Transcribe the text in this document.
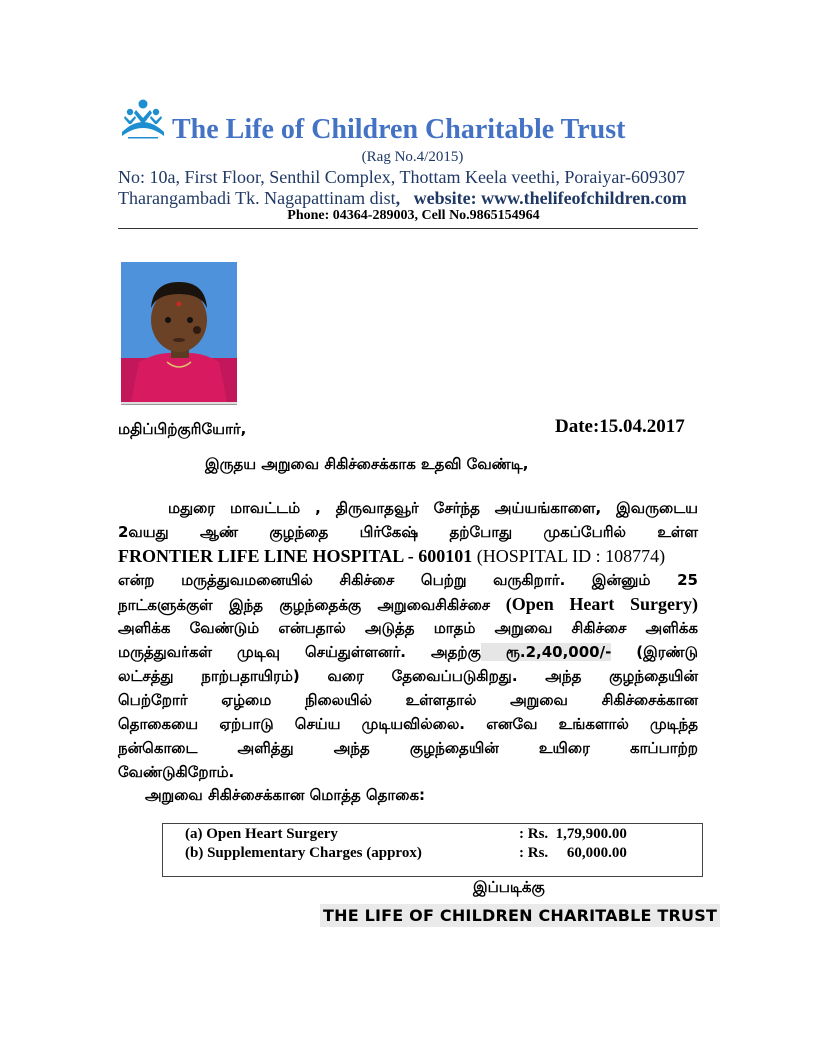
The Life of Children Charitable Trust
(Rag No.4/2015)
No: 10a, First Floor, Senthil Complex, Thottam Keela veethi, Poraiyar-609307
Tharangambadi Tk. Nagapattinam dist,   website: www.thelifeofchildren.com
Phone: 04364-289003, Cell No.9865154964
மதிப்பிற்குரியோர்,	Date:15.04.2017
இருதய அறுவை சிகிச்சைக்காக உதவி வேண்டி,
மதுரை மாவட்டம் , திருவாதவூர் சேர்ந்த அய்யங்காளை, இவருடைய
2வயது ஆண் குழந்தை பிர்கேஷ் தற்போது முகப்பேரில் உள்ள
FRONTIER LIFE LINE HOSPITAL - 600101 (HOSPITAL ID : 108774)
என்ற மருத்துவமனையில் சிகிச்சை பெற்று வருகிறார். இன்னும் 25
நாட்களுக்குள் இந்த குழந்தைக்கு அறுவைசிகிச்சை (Open Heart Surgery)
அளிக்க வேண்டும் என்பதால் அடுத்த மாதம் அறுவை சிகிச்சை அளிக்க
மருத்துவர்கள் முடிவு செய்துள்ளனர். அதற்கு ரூ.2,40,000/- (இரண்டு
லட்சத்து நாற்பதாயிரம்) வரை தேவைப்படுகிறது. அந்த குழந்தையின்
பெற்றோர் ஏழ்மை நிலையில் உள்ளதால் அறுவை சிகிச்சைக்கான
தொகையை ஏற்பாடு செய்ய முடியவில்லை. எனவே உங்களால் முடிந்த
நன்கொடை அளித்து அந்த குழந்தையின் உயிரை காப்பாற்ற
வேண்டுகிறோம்.
அறுவை சிகிச்சைக்கான மொத்த தொகை:
(a) Open Heart Surgery	: Rs.  1,79,900.00
(b) Supplementary Charges (approx)	: Rs.     60,000.00
இப்படிக்கு
THE LIFE OF CHILDREN CHARITABLE TRUST
